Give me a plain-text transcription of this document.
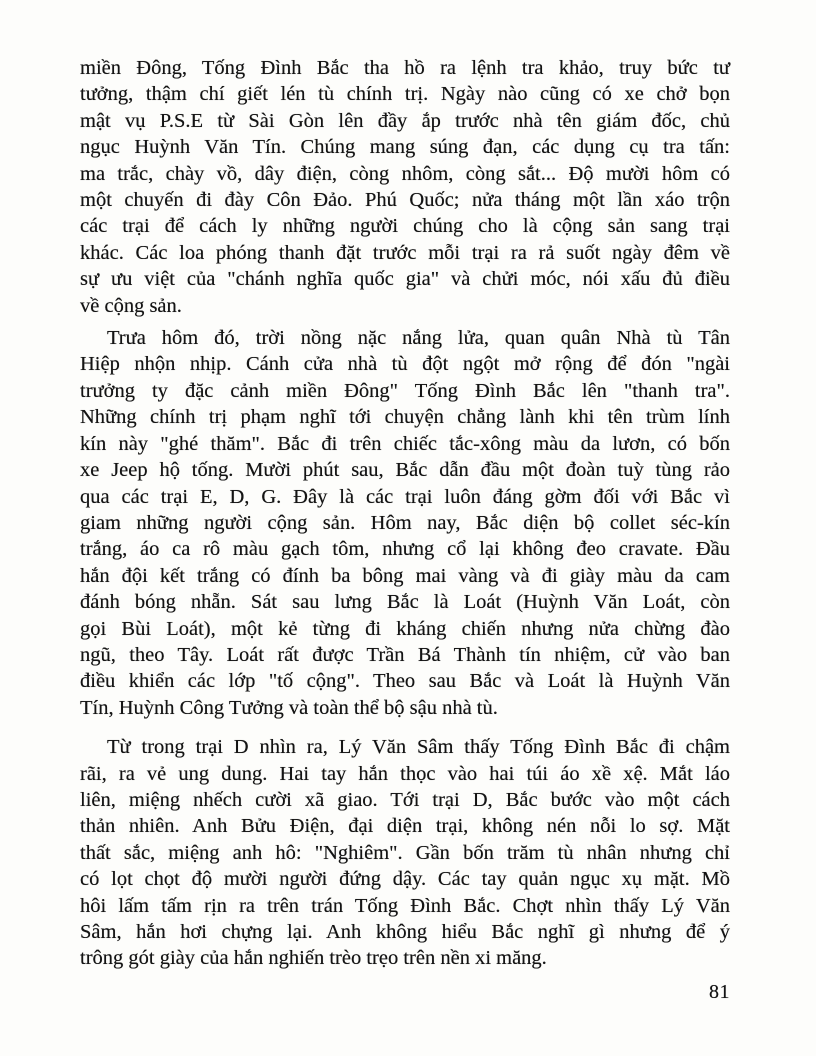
miền Đông, Tống Đình Bắc tha hồ ra lệnh tra khảo, truy bức tư
tưởng, thậm chí giết lén tù chính trị. Ngày nào cũng có xe chở bọn
mật vụ P.S.E từ Sài Gòn lên đầy ắp trước nhà tên giám đốc, chủ
ngục Huỳnh Văn Tín. Chúng mang súng đạn, các dụng cụ tra tấn:
ma trắc, chày vồ, dây điện, còng nhôm, còng sắt... Độ mười hôm có
một chuyến đi đày Côn Đảo. Phú Quốc; nửa tháng một lần xáo trộn
các trại để cách ly những người chúng cho là cộng sản sang trại
khác. Các loa phóng thanh đặt trước mỗi trại ra rả suốt ngày đêm về
sự ưu việt của "chánh nghĩa quốc gia" và chửi móc, nói xấu đủ điều
về cộng sản.
Trưa hôm đó, trời nồng nặc nắng lửa, quan quân Nhà tù Tân
Hiệp nhộn nhịp. Cánh cửa nhà tù đột ngột mở rộng để đón "ngài
trưởng ty đặc cảnh miền Đông" Tống Đình Bắc lên "thanh tra".
Những chính trị phạm nghĩ tới chuyện chẳng lành khi tên trùm lính
kín này "ghé thăm". Bắc đi trên chiếc tắc-xông màu da lươn, có bốn
xe Jeep hộ tống. Mười phút sau, Bắc dẫn đầu một đoàn tuỳ tùng rảo
qua các trại E, D, G. Đây là các trại luôn đáng gờm đối với Bắc vì
giam những người cộng sản. Hôm nay, Bắc diện bộ collet séc-kín
trắng, áo ca rô màu gạch tôm, nhưng cổ lại không đeo cravate. Đầu
hắn đội kết trắng có đính ba bông mai vàng và đi giày màu da cam
đánh bóng nhẵn. Sát sau lưng Bắc là Loát (Huỳnh Văn Loát, còn
gọi Bùi Loát), một kẻ từng đi kháng chiến nhưng nửa chừng đào
ngũ, theo Tây. Loát rất được Trần Bá Thành tín nhiệm, cử vào ban
điều khiển các lớp "tố cộng". Theo sau Bắc và Loát là Huỳnh Văn
Tín, Huỳnh Công Tưởng và toàn thể bộ sậu nhà tù.
Từ trong trại D nhìn ra, Lý Văn Sâm thấy Tống Đình Bắc đi chậm
rãi, ra vẻ ung dung. Hai tay hắn thọc vào hai túi áo xề xệ. Mắt láo
liên, miệng nhếch cười xã giao. Tới trại D, Bắc bước vào một cách
thản nhiên. Anh Bửu Điện, đại diện trại, không nén nỗi lo sợ. Mặt
thất sắc, miệng anh hô: "Nghiêm". Gần bốn trăm tù nhân nhưng chỉ
có lọt chọt độ mười người đứng dậy. Các tay quản ngục xụ mặt. Mồ
hôi lấm tấm rịn ra trên trán Tống Đình Bắc. Chợt nhìn thấy Lý Văn
Sâm, hắn hơi chựng lại. Anh không hiểu Bắc nghĩ gì nhưng để ý
trông gót giày của hắn nghiến trèo trẹo trên nền xi măng.
81
